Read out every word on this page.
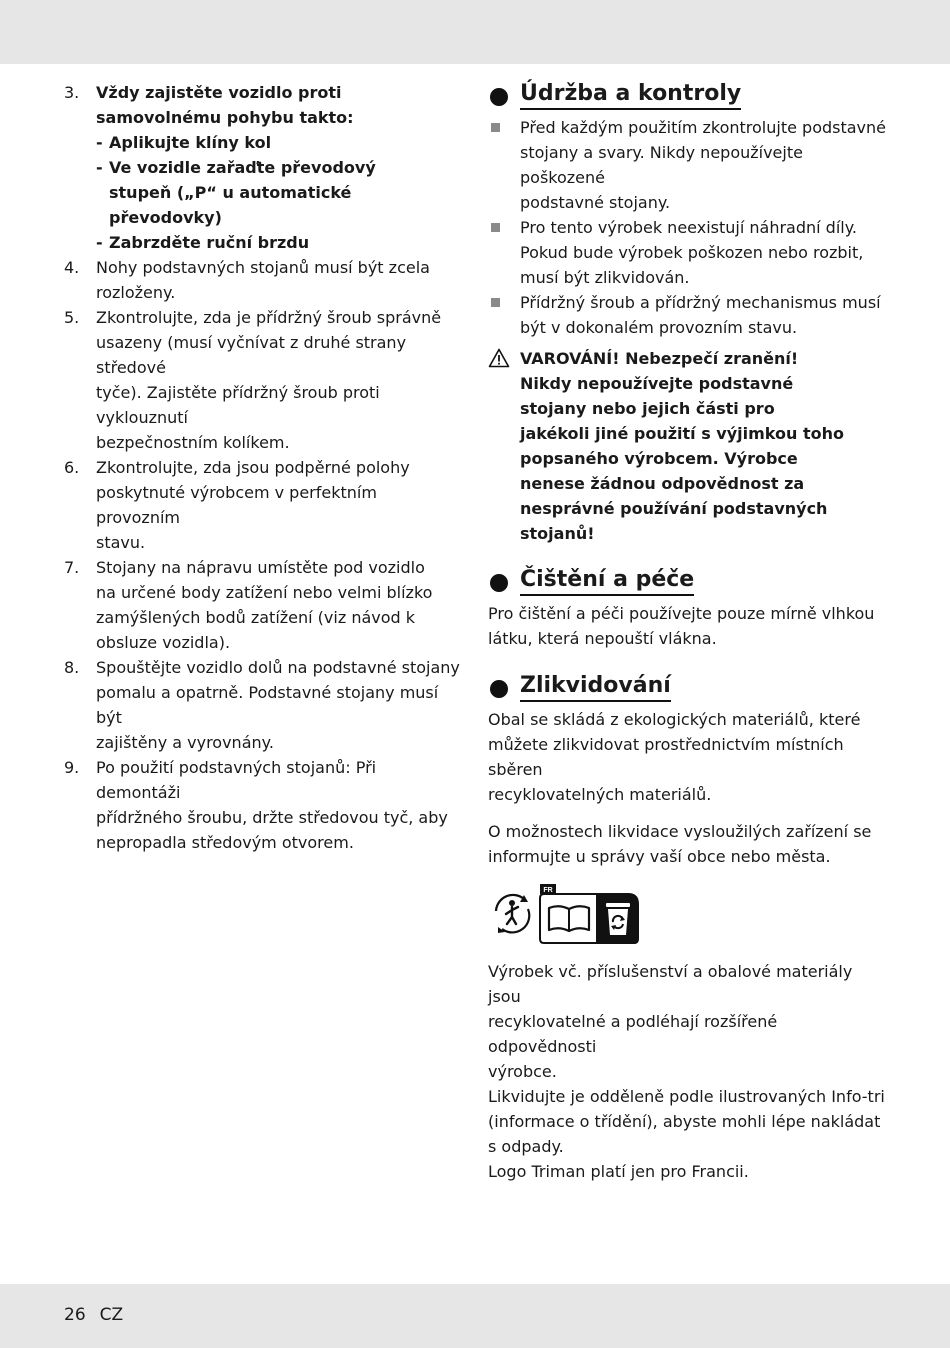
3. Vždy zajistěte vozidlo proti
samovolnému pohybu takto:
- Aplikujte klíny kol
- Ve vozidle zařaďte převodový
stupeň („P“ u automatické
převodovky)
- Zabrzděte ruční brzdu
4. Nohy podstavných stojanů musí být zcela
rozloženy.
5. Zkontrolujte, zda je přídržný šroub správně
usazeny (musí vyčnívat z druhé strany středové
tyče). Zajistěte přídržný šroub proti vyklouznutí
bezpečnostním kolíkem.
6. Zkontrolujte, zda jsou podpěrné polohy
poskytnuté výrobcem v perfektním provozním
stavu.
7. Stojany na nápravu umístěte pod vozidlo
na určené body zatížení nebo velmi blízko
zamýšlených bodů zatížení (viz návod k
obsluze vozidla).
8. Spouštějte vozidlo dolů na podstavné stojany
pomalu a opatrně. Podstavné stojany musí být
zajištěny a vyrovnány.
9. Po použití podstavných stojanů: Při demontáži
přídržného šroubu, držte středovou tyč, aby
nepropadla středovým otvorem.
Údržba a kontroly
Před každým použitím zkontrolujte podstavné
stojany a svary. Nikdy nepoužívejte poškozené
podstavné stojany.
Pro tento výrobek neexistují náhradní díly.
Pokud bude výrobek poškozen nebo rozbit,
musí být zlikvidován.
Přídržný šroub a přídržný mechanismus musí
být v dokonalém provozním stavu.
VAROVÁNÍ! Nebezpečí zranění!
Nikdy nepoužívejte podstavné
stojany nebo jejich části pro
jakékoli jiné použití s výjimkou toho
popsaného výrobcem. Výrobce
nenese žádnou odpovědnost za
nesprávné používání podstavných
stojanů!
Čištění a péče
Pro čištění a péči používejte pouze mírně vlhkou
látku, která nepouští vlákna.
Zlikvidování
Obal se skládá z ekologických materiálů, které
můžete zlikvidovat prostřednictvím místních sběren
recyklovatelných materiálů.
O možnostech likvidace vysloužilých zařízení se
informujte u správy vaší obce nebo města.
FR
Výrobek vč. příslušenství a obalové materiály jsou
recyklovatelné a podléhají rozšířené odpovědnosti
výrobce.
Likvidujte je odděleně podle ilustrovaných Info-tri
(informace o třídění), abyste mohli lépe nakládat
s odpady.
Logo Triman platí jen pro Francii.
26 CZ
